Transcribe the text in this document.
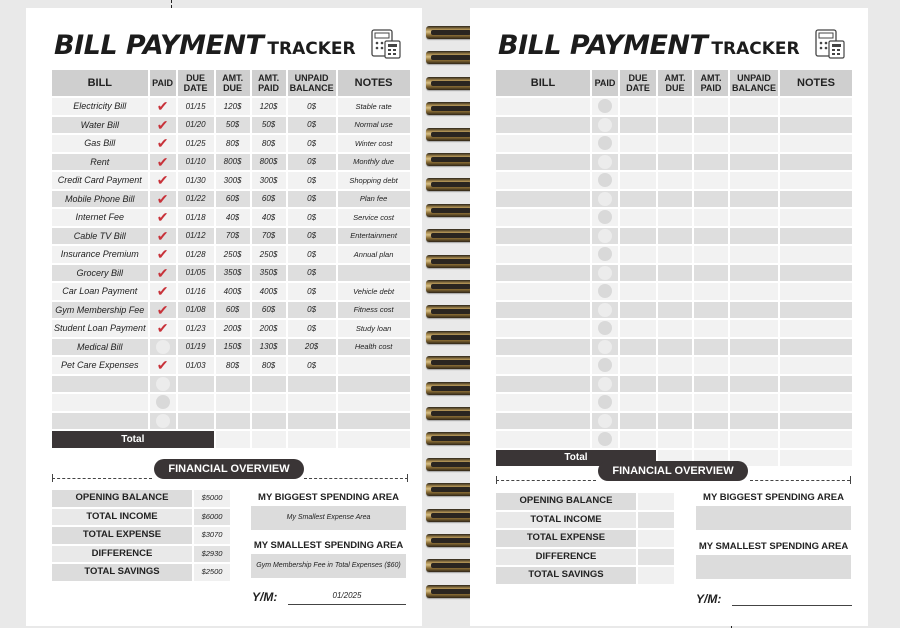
BILL PAYMENT TRACKER
BILL	PAID	DUE DATE	AMT. DUE	AMT. PAID	UNPAID BALANCE	NOTES
Electricity Bill	✔	01/15	120$	120$	0$	Stable rate
Water Bill	✔	01/20	50$	50$	0$	Normal use
Gas Bill	✔	01/25	80$	80$	0$	Winter cost
Rent	✔	01/10	800$	800$	0$	Monthly due
Credit Card Payment	✔	01/30	300$	300$	0$	Shopping debt
Mobile Phone Bill	✔	01/22	60$	60$	0$	Plan fee
Internet Fee	✔	01/18	40$	40$	0$	Service cost
Cable TV Bill	✔	01/12	70$	70$	0$	Entertainment
Insurance Premium	✔	01/28	250$	250$	0$	Annual plan
Grocery Bill	✔	01/05	350$	350$	0$	
Car Loan Payment	✔	01/16	400$	400$	0$	Vehicle debt
Gym Membership Fee	✔	01/08	60$	60$	0$	Fitness cost
Student Loan Payment	✔	01/23	200$	200$	0$	Study loan
Medical Bill		01/19	150$	130$	20$	Health cost
Pet Care Expenses	✔	01/03	80$	80$	0$	

Total						
FINANCIAL OVERVIEW
OPENING BALANCE	$5000
TOTAL INCOME	$6000
TOTAL EXPENSE	$3070
DIFFERENCE	$2930
TOTAL SAVINGS	$2500
MY BIGGEST SPENDING AREA
My Smallest Expense Area
MY SMALLEST SPENDING AREA
Gym Membership Fee in Total Expenses ($60)
Y/M:	01/2025
BILL PAYMENT TRACKER
BILL	PAID	DUE DATE	AMT. DUE	AMT. PAID	UNPAID BALANCE	NOTES

Total						
FINANCIAL OVERVIEW
OPENING BALANCE
TOTAL INCOME
TOTAL EXPENSE
DIFFERENCE
TOTAL SAVINGS
MY BIGGEST SPENDING AREA
MY SMALLEST SPENDING AREA
Y/M:
